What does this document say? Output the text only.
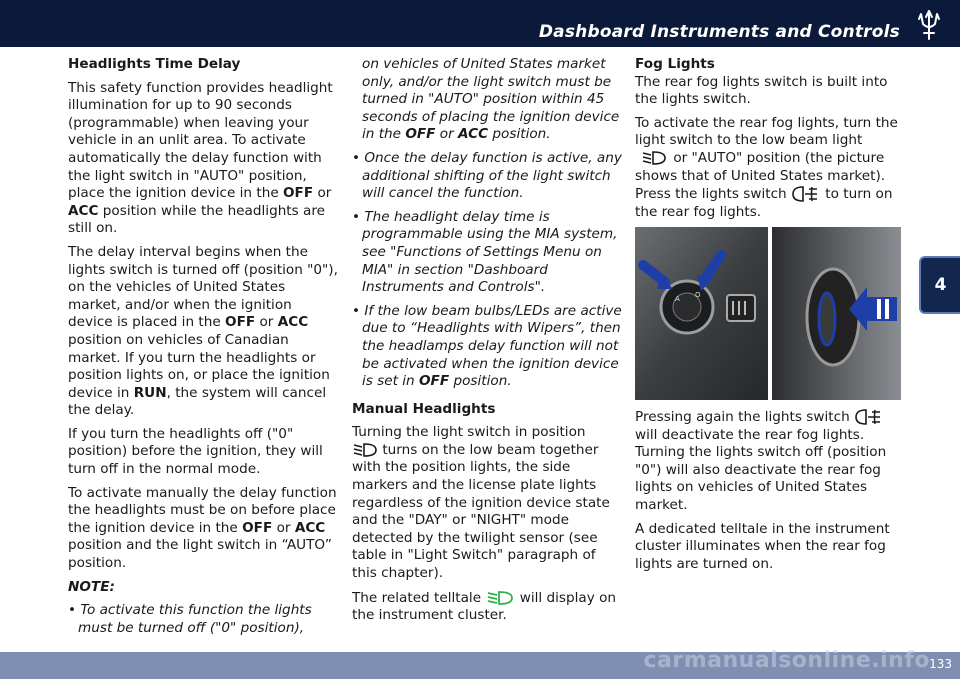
Dashboard Instruments and Controls
4

Headlights Time Delay

This safety function provides headlight illumination for up to 90 seconds (programmable) when leaving your vehicle in an unlit area. To activate automatically the delay function with the light switch in "AUTO" position, place the ignition device in the OFF or ACC position while the headlights are still on.

The delay interval begins when the lights switch is turned off (position "0"), on the vehicles of United States market, and/or when the ignition device is placed in the OFF or ACC position on vehicles of Canadian market. If you turn the headlights or position lights on, or place the ignition device in RUN, the system will cancel the delay.

If you turn the headlights off ("0" position) before the ignition, they will turn off in the normal mode.

To activate manually the delay function the headlights must be on before place the ignition device in the OFF or ACC position and the light switch in “AUTO” position.

NOTE:

• To activate this function the lights must be turned off ("0" position),

on vehicles of United States market only, and/or the light switch must be turned in "AUTO" position within 45 seconds of placing the ignition device in the OFF or ACC position.

• Once the delay function is active, any additional shifting of the light switch will cancel the function.

• The headlight delay time is programmable using the MIA system, see "Functions of Settings Menu on MIA" in section "Dashboard Instruments and Controls".

• If the low beam bulbs/LEDs are active due to “Headlights with Wipers”, then the headlamps delay function will not be activated when the ignition device is set in OFF position.

Manual Headlights

Turning the light switch in position
turns on the low beam together with the position lights, the side markers and the license plate lights regardless of the ignition device state and the "DAY" or "NIGHT" mode detected by the twilight sensor (see table in "Light Switch" paragraph of this chapter).

The related telltale  will display on the instrument cluster.

Fog Lights

The rear fog lights switch is built into the lights switch.

To activate the rear fog lights, turn the light switch to the low beam light
or "AUTO" position (the picture shows that of United States market). Press the lights switch  to turn on the rear fog lights.

A O

Pressing again the lights switch  will deactivate the rear fog lights. Turning the lights switch off (position "0") will also deactivate the rear fog lights on vehicles of United States market.

A dedicated telltale in the instrument cluster illuminates when the rear fog lights are turned on.

carmanualsonline.info 133
